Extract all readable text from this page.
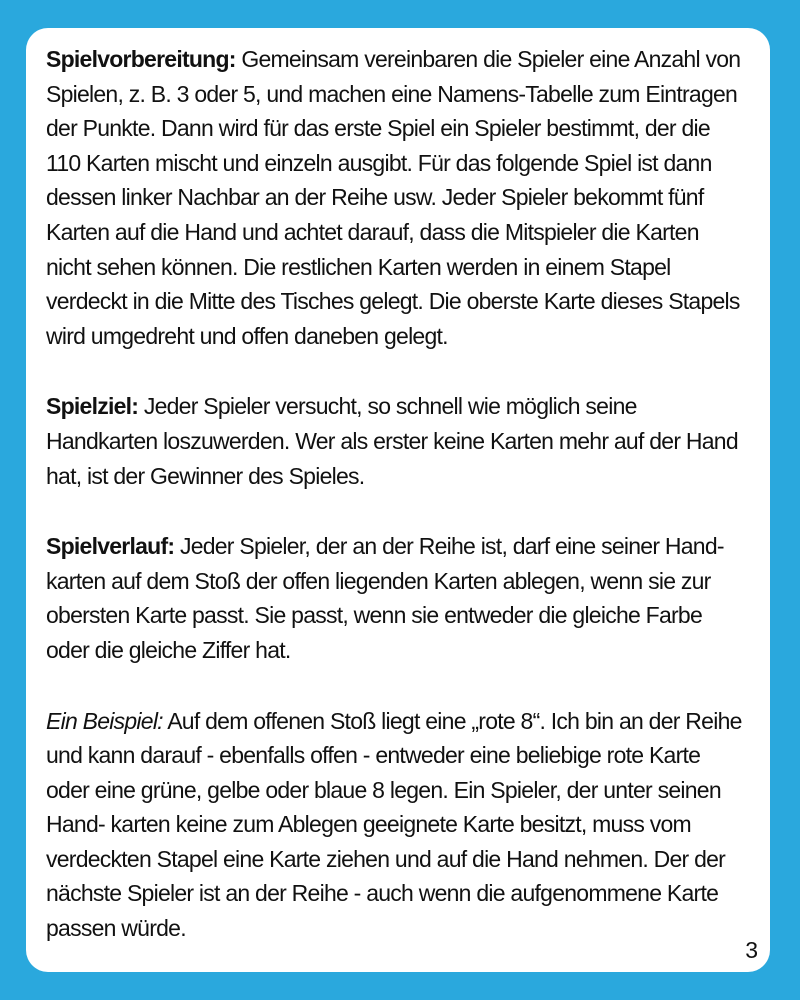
Spielvorbereitung: Gemeinsam vereinbaren die Spieler eine Anzahl von Spielen, z. B. 3 oder 5, und machen eine Namens-Tabelle zum Eintragen der Punkte. Dann wird für das erste Spiel ein Spieler bestimmt, der die 110 Karten mischt und einzeln ausgibt. Für das folgende Spiel ist dann dessen linker Nachbar an der Reihe usw. Jeder Spieler bekommt fünf Karten auf die Hand und achtet darauf, dass die Mitspieler die Karten nicht sehen können. Die restlichen Karten werden in einem Stapel verdeckt in die Mitte des Tisches gelegt. Die oberste Karte dieses Stapels wird umgedreht und offen daneben gelegt.

Spielziel: Jeder Spieler versucht, so schnell wie möglich seine Handkarten loszuwerden. Wer als erster keine Karten mehr auf der Hand hat, ist der Gewinner des Spieles.

Spielverlauf: Jeder Spieler, der an der Reihe ist, darf eine seiner Hand- karten auf dem Stoß der offen liegenden Karten ablegen, wenn sie zur obersten Karte passt. Sie passt, wenn sie entweder die gleiche Farbe oder die gleiche Ziffer hat.

Ein Beispiel: Auf dem offenen Stoß liegt eine „rote 8“. Ich bin an der Reihe und kann darauf - ebenfalls offen - entweder eine beliebige rote Karte oder eine grüne, gelbe oder blaue 8 legen. Ein Spieler, der unter seinen Hand- karten keine zum Ablegen geeignete Karte besitzt, muss vom verdeckten Stapel eine Karte ziehen und auf die Hand nehmen. Der der nächste Spieler ist an der Reihe - auch wenn die aufgenommene Karte passen würde.

3
